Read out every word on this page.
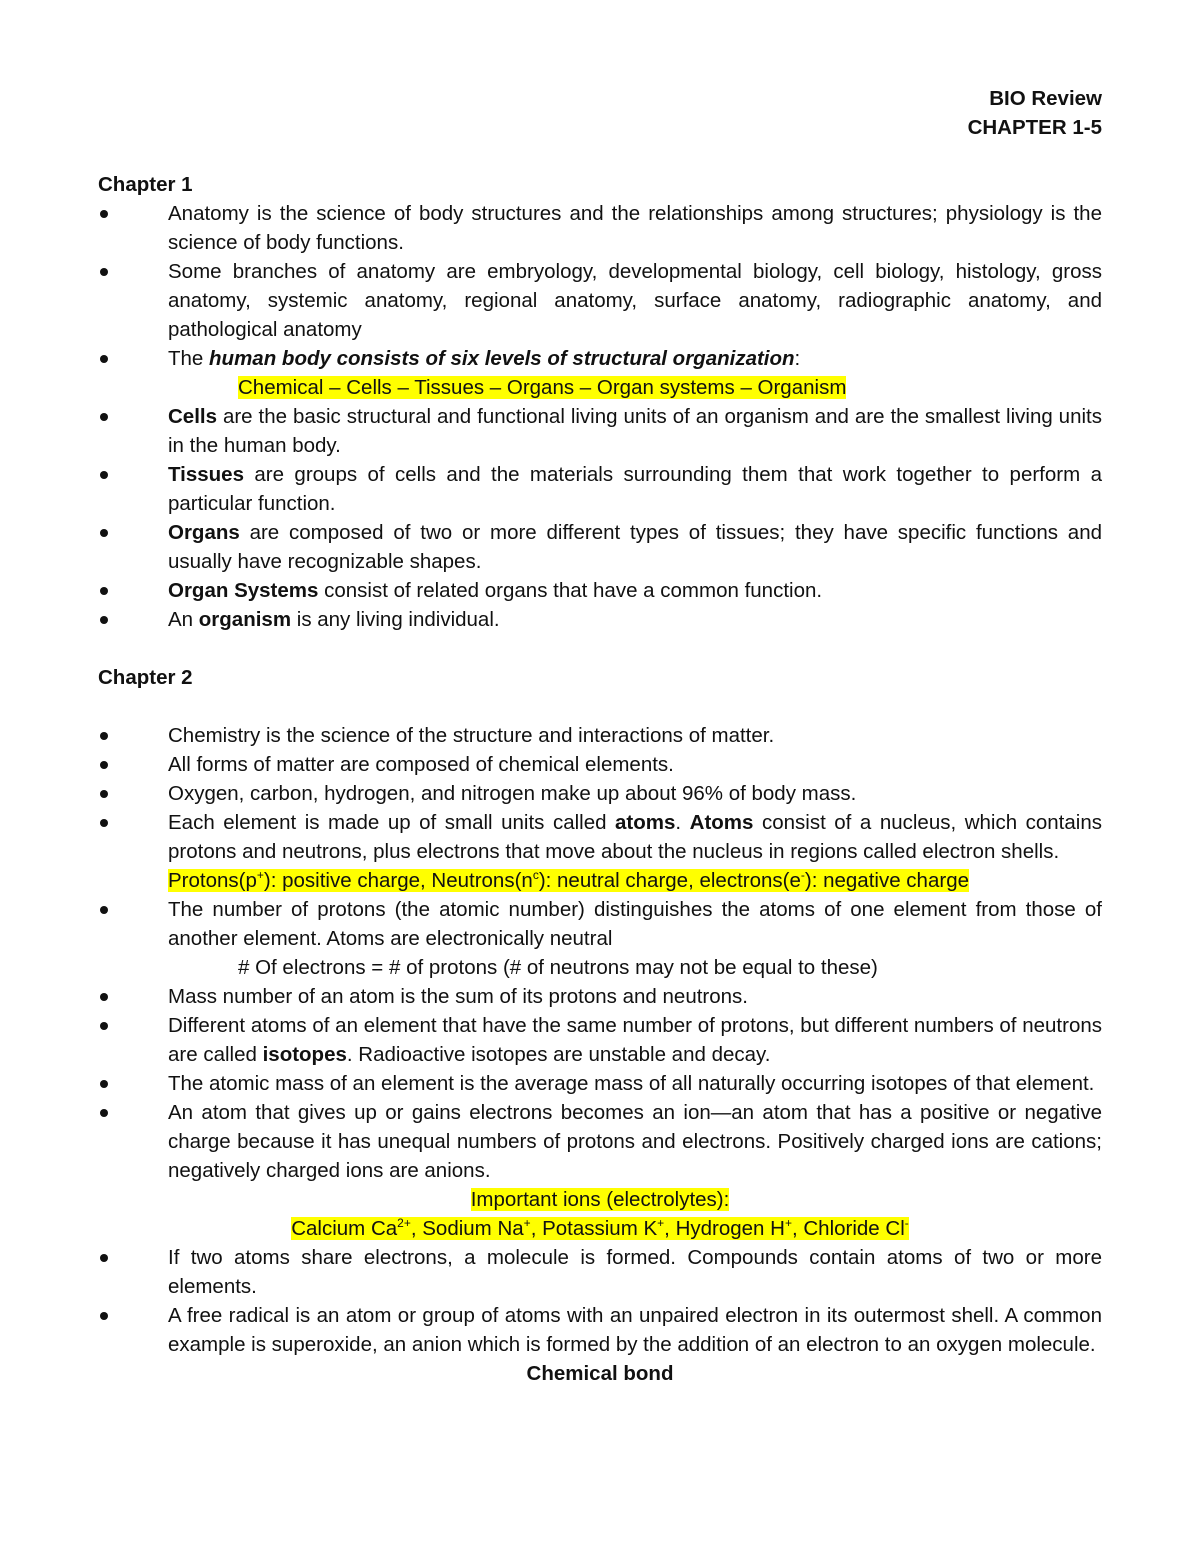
BIO Review
CHAPTER 1-5
Chapter 1
Anatomy is the science of body structures and the relationships among structures; physiology is the science of body functions.
Some branches of anatomy are embryology, developmental biology, cell biology, histology, gross anatomy, systemic anatomy, regional anatomy, surface anatomy, radiographic anatomy, and pathological anatomy
The human body consists of six levels of structural organization:
Chemical – Cells – Tissues – Organs – Organ systems – Organism
Cells are the basic structural and functional living units of an organism and are the smallest living units in the human body.
Tissues are groups of cells and the materials surrounding them that work together to perform a particular function.
Organs are composed of two or more different types of tissues; they have specific functions and usually have recognizable shapes.
Organ Systems consist of related organs that have a common function.
An organism is any living individual.
Chapter 2
Chemistry is the science of the structure and interactions of matter.
All forms of matter are composed of chemical elements.
Oxygen, carbon, hydrogen, and nitrogen make up about 96% of body mass.
Each element is made up of small units called atoms. Atoms consist of a nucleus, which contains protons and neutrons, plus electrons that move about the nucleus in regions called electron shells.
Protons(p+): positive charge, $Neutrons(n^c)$: neutral charge, electrons(e-): negative charge
The number of protons (the atomic number) distinguishes the atoms of one element from those of another element. Atoms are electronically neutral
# Of electrons = # of protons (# of neutrons may not be equal to these)
Mass number of an atom is the sum of its protons and neutrons.
Different atoms of an element that have the same number of protons, but different numbers of neutrons are called isotopes. Radioactive isotopes are unstable and decay.
The atomic mass of an element is the average mass of all naturally occurring isotopes of that element.
An atom that gives up or gains electrons becomes an ion—an atom that has a positive or negative charge because it has unequal numbers of protons and electrons. Positively charged ions are cations; negatively charged ions are anions.
Important ions (electrolytes):
Calcium $Ca^{2+}$, Sodium Na+, Potassium K+, Hydrogen H+, Chloride Cl-
If two atoms share electrons, a molecule is formed. Compounds contain atoms of two or more elements.
A free radical is an atom or group of atoms with an unpaired electron in its outermost shell. A common example is superoxide, an anion which is formed by the addition of an electron to an oxygen molecule.
Chemical bond
